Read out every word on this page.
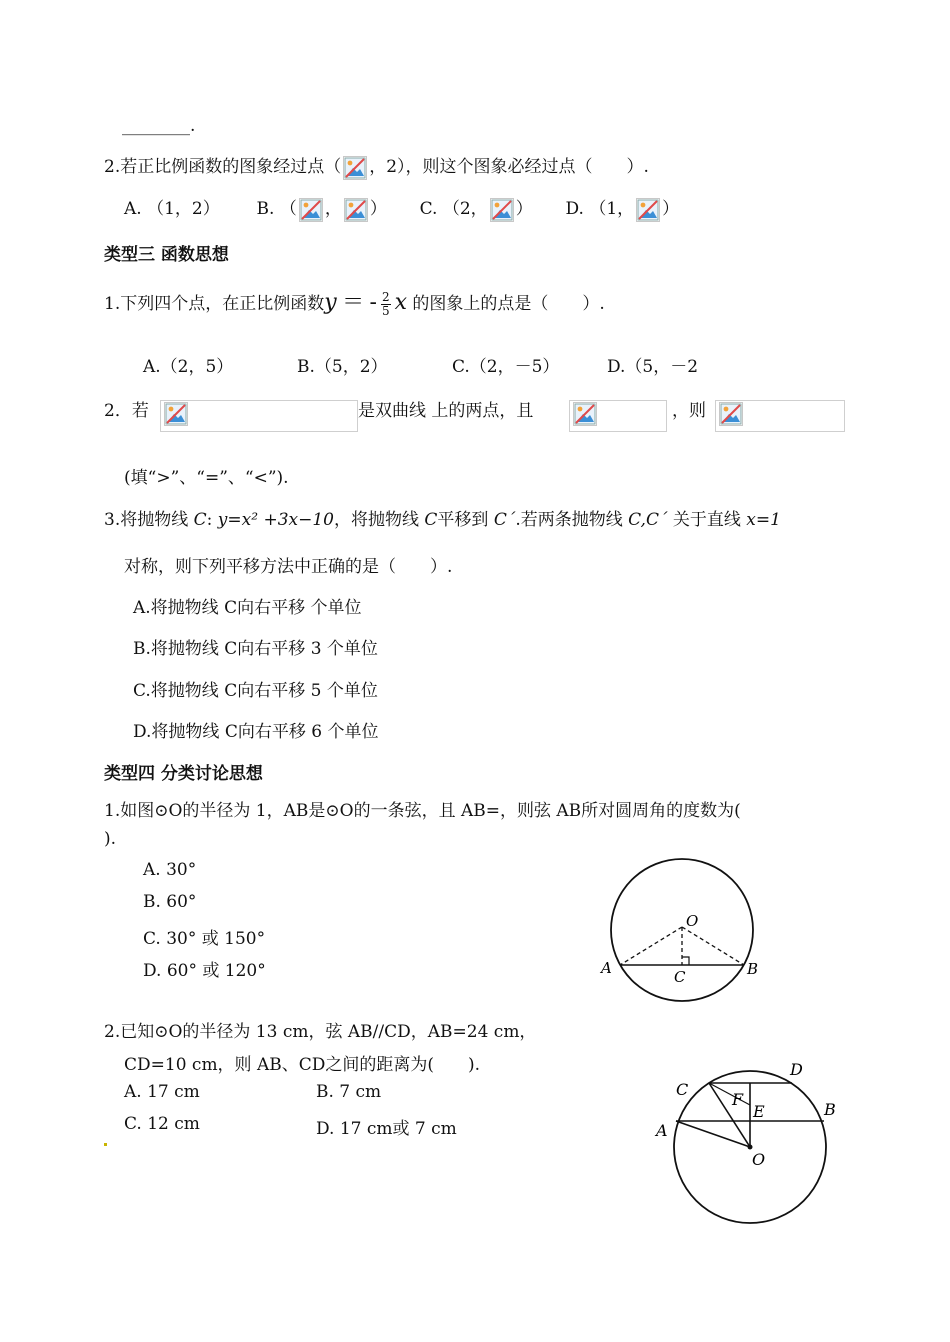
________.
2.若正比例函数的图象经过点（ ，2），则这个图象必经过点（　　）.
A. （1，2） B. （ ， ） C. （2， ） D. （1， ）
类型三 函数思想
1.下列四个点，在正比例函数y ＝ - $\frac{2}{5}$ x 的图象上的点是（　　）.
A.（2，5）	B.（5，2）	C.（2，－5）	D.（5，－2
2．若	是双曲线 上的两点，且	，则
(填“>”、“=”、“<”).
3.将抛物线 C: y=x² +3x−10，将抛物线 C平移到 C´.若两条抛物线 C,C´ 关于直线 x=1
对称，则下列平移方法中正确的是（　　）.
A.将抛物线 C向右平移 个单位
B.将抛物线 C向右平移 3 个单位
C.将抛物线 C向右平移 5 个单位
D.将抛物线 C向右平移 6 个单位
类型四 分类讨论思想
1.如图⊙O的半径为 1，AB是⊙O的一条弦，且 AB=，则弦 AB所对圆周角的度数为(
).
A. 30°
B. 60°
C. 30° 或 150°
D. 60° 或 120°
O
A	B
C
2.已知⊙O的半径为 13 cm，弦 AB//CD，AB=24 cm，
CD=10 cm，则 AB、CD之间的距离为(　　).
A. 17 cm	B. 7 cm
C. 12 cm	D. 17 cm或 7 cm
C
D
A
B
F
E
O
